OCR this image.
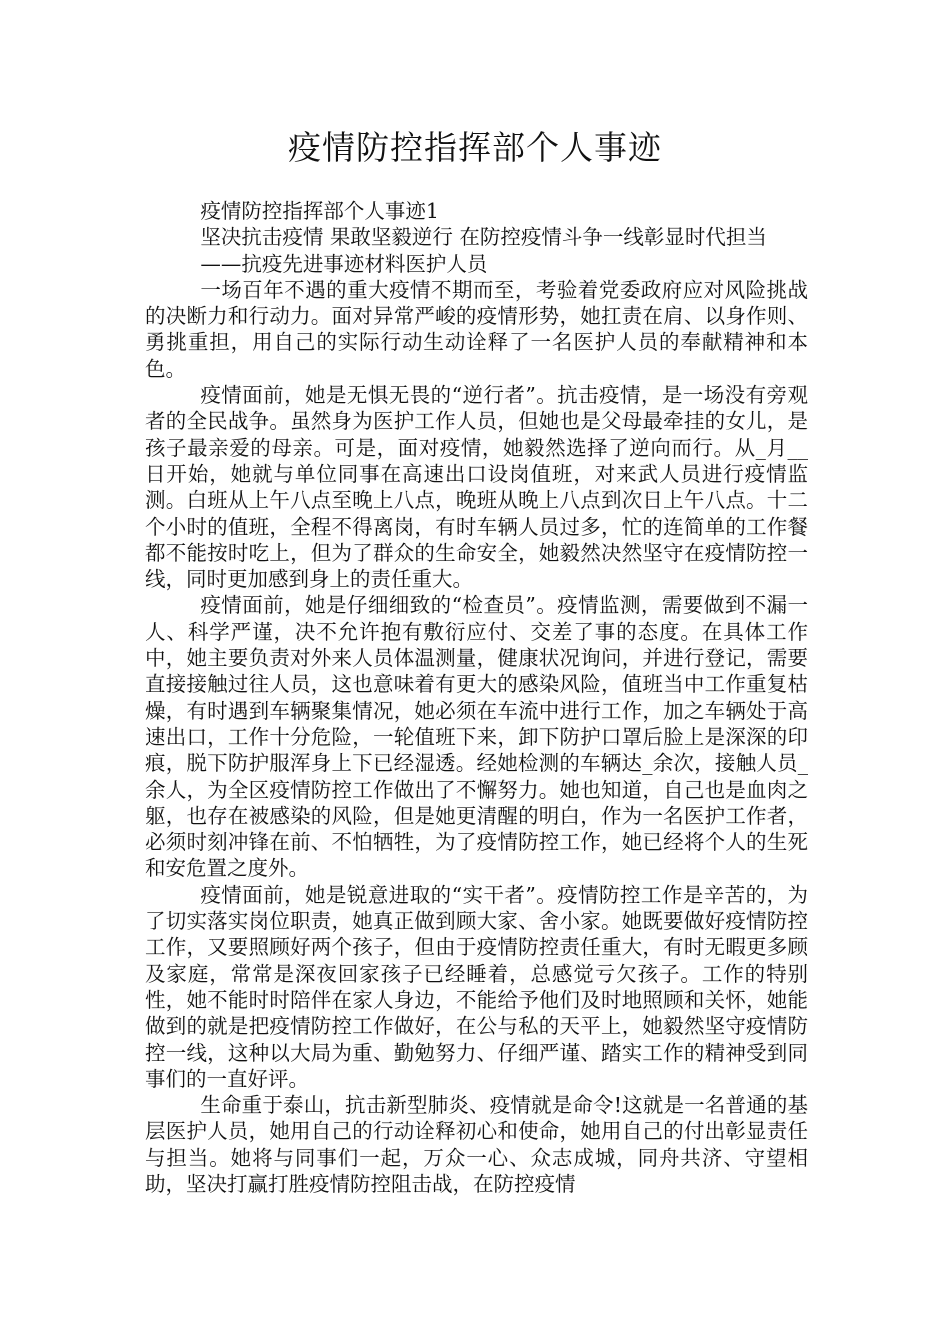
疫情防控指挥部个人事迹

疫情防控指挥部个人事迹1

坚决抗击疫情 果敢坚毅逆行 在防控疫情斗争一线彰显时代担当

——抗疫先进事迹材料医护人员

一场百年不遇的重大疫情不期而至，考验着党委政府应对风险挑战的决断力和行动力。面对异常严峻的疫情形势，她扛责在肩、以身作则、勇挑重担，用自己的实际行动生动诠释了一名医护人员的奉献精神和本色。

疫情面前，她是无惧无畏的“逆行者”。抗击疫情，是一场没有旁观者的全民战争。虽然身为医护工作人员，但她也是父母最牵挂的女儿，是孩子最亲爱的母亲。可是，面对疫情，她毅然选择了逆向而行。从_月__日开始，她就与单位同事在高速出口设岗值班，对来武人员进行疫情监测。白班从上午八点至晚上八点，晚班从晚上八点到次日上午八点。十二个小时的值班，全程不得离岗，有时车辆人员过多，忙的连简单的工作餐都不能按时吃上，但为了群众的生命安全，她毅然决然坚守在疫情防控一线，同时更加感到身上的责任重大。

疫情面前，她是仔细细致的“检查员”。疫情监测，需要做到不漏一人、科学严谨，决不允许抱有敷衍应付、交差了事的态度。在具体工作中，她主要负责对外来人员体温测量，健康状况询问，并进行登记，需要直接接触过往人员，这也意味着有更大的感染风险，值班当中工作重复枯燥，有时遇到车辆聚集情况，她必须在车流中进行工作，加之车辆处于高速出口，工作十分危险，一轮值班下来，卸下防护口罩后脸上是深深的印痕，脱下防护服浑身上下已经湿透。经她检测的车辆达_余次，接触人员_余人，为全区疫情防控工作做出了不懈努力。她也知道，自己也是血肉之躯，也存在被感染的风险，但是她更清醒的明白，作为一名医护工作者，必须时刻冲锋在前、不怕牺牲，为了疫情防控工作，她已经将个人的生死和安危置之度外。

疫情面前，她是锐意进取的“实干者”。疫情防控工作是辛苦的，为了切实落实岗位职责，她真正做到顾大家、舍小家。她既要做好疫情防控工作，又要照顾好两个孩子，但由于疫情防控责任重大，有时无暇更多顾及家庭，常常是深夜回家孩子已经睡着，总感觉亏欠孩子。工作的特别性，她不能时时陪伴在家人身边，不能给予他们及时地照顾和关怀，她能做到的就是把疫情防控工作做好，在公与私的天平上，她毅然坚守疫情防控一线，这种以大局为重、勤勉努力、仔细严谨、踏实工作的精神受到同事们的一直好评。

生命重于泰山，抗击新型肺炎、疫情就是命令!这就是一名普通的基层医护人员，她用自己的行动诠释初心和使命，她用自己的付出彰显责任与担当。她将与同事们一起，万众一心、众志成城，同舟共济、守望相助，坚决打赢打胜疫情防控阻击战，在防控疫情
